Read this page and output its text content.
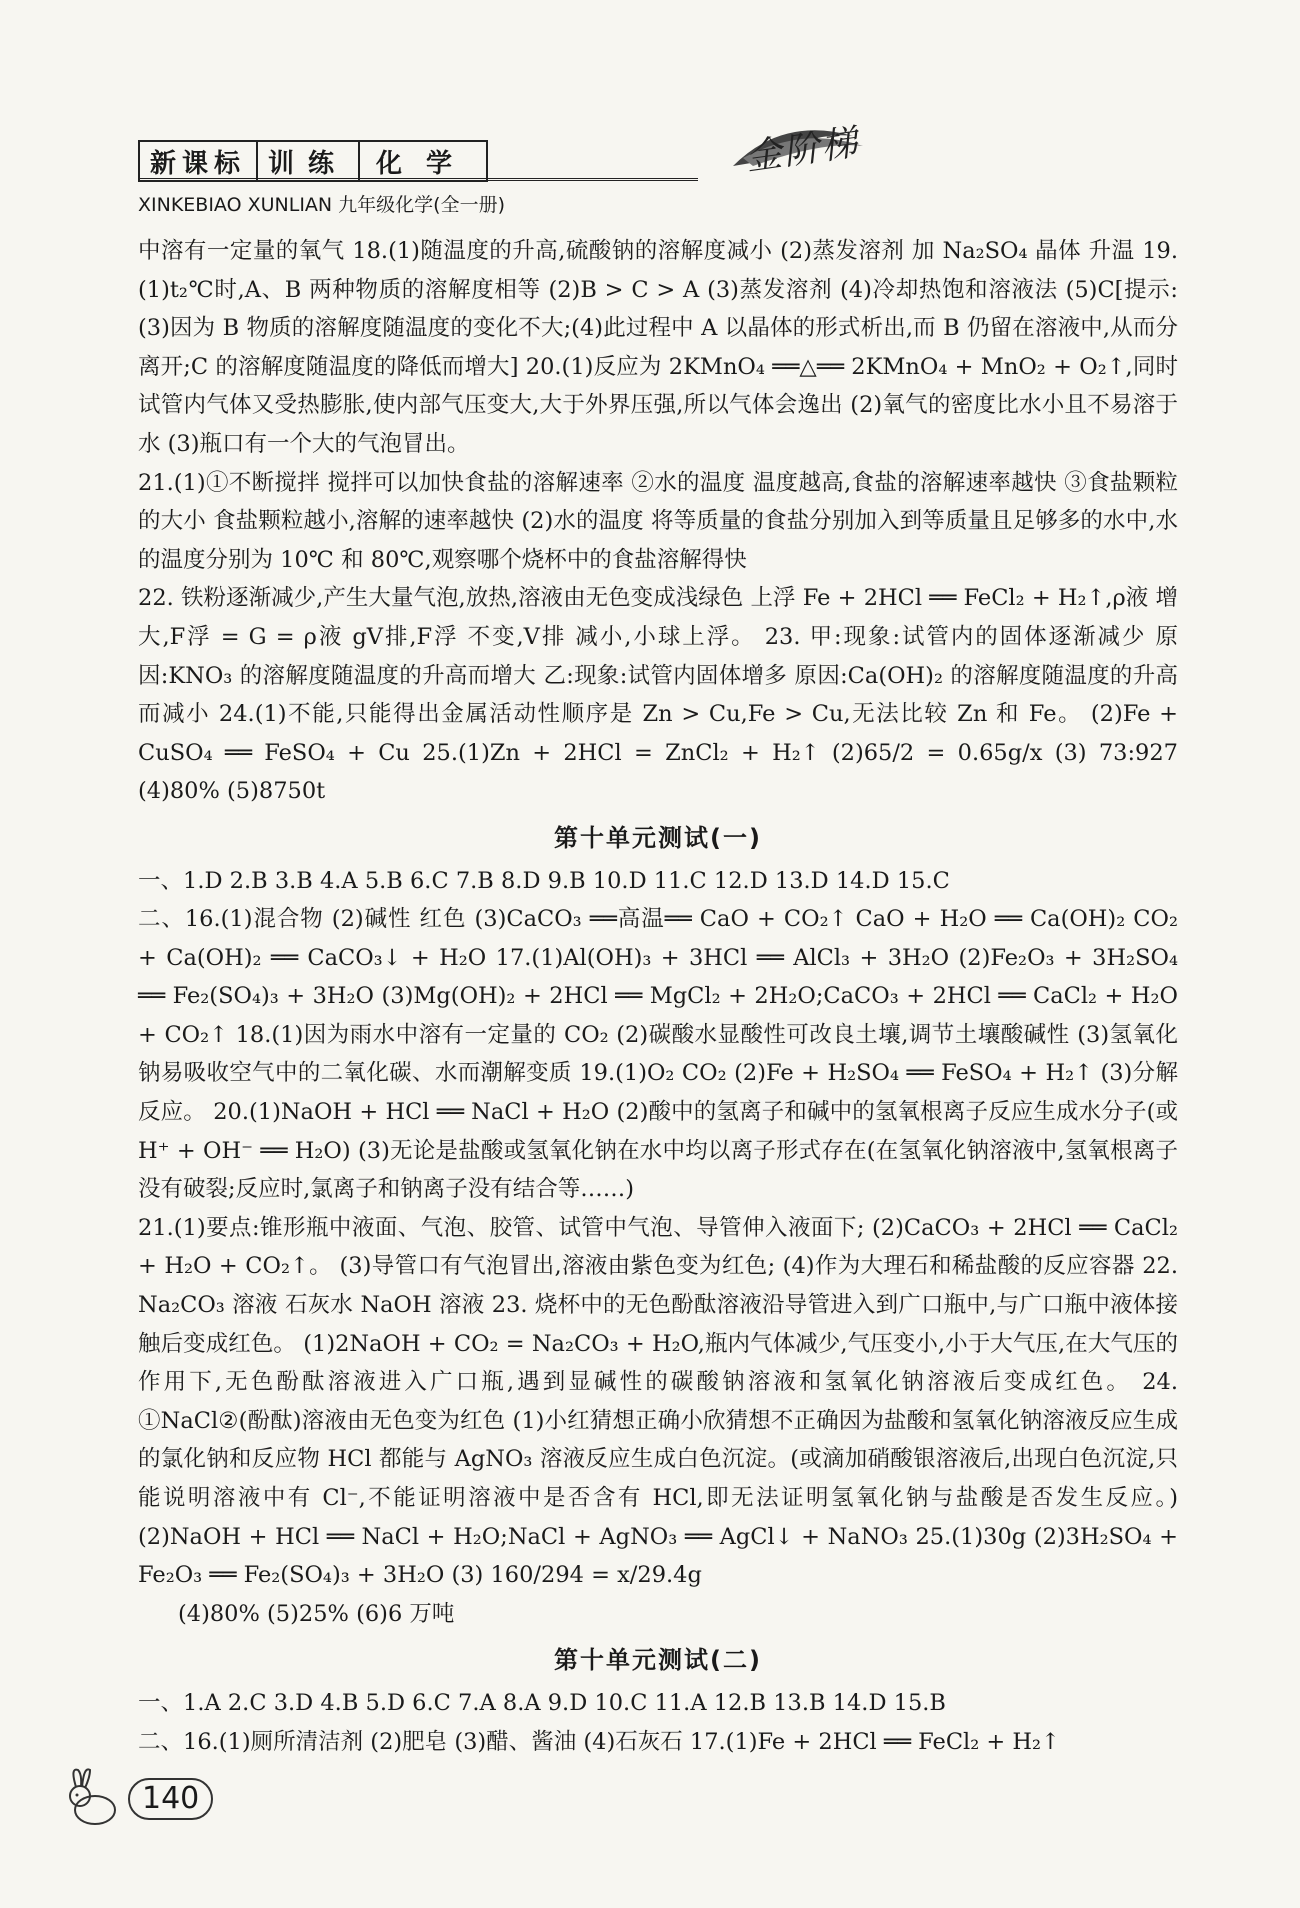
新课标 训练	化学
XINKEBIAO XUNLIAN 九年级化学(全一册)
金阶梯

中溶有一定量的氧气 18.(1)随温度的升高,硫酸钠的溶解度减小 (2)蒸发溶剂 加 Na₂SO₄ 晶体 升温 19.(1)t₂℃时,A、B 两种物质的溶解度相等 (2)B > C > A (3)蒸发溶剂 (4)冷却热饱和溶液法 (5)C[提示:(3)因为 B 物质的溶解度随温度的变化不大;(4)此过程中 A 以晶体的形式析出,而 B 仍留在溶液中,从而分离开;C 的溶解度随温度的降低而增大] 20.(1)反应为 2KMnO₄ ══△══ 2KMnO₄ + MnO₂ + O₂↑,同时试管内气体又受热膨胀,使内部气压变大,大于外界压强,所以气体会逸出 (2)氧气的密度比水小且不易溶于水 (3)瓶口有一个大的气泡冒出。

21.(1)①不断搅拌 搅拌可以加快食盐的溶解速率 ②水的温度 温度越高,食盐的溶解速率越快 ③食盐颗粒的大小 食盐颗粒越小,溶解的速率越快 (2)水的温度 将等质量的食盐分别加入到等质量且足够多的水中,水的温度分别为 10℃ 和 80℃,观察哪个烧杯中的食盐溶解得快

22. 铁粉逐渐减少,产生大量气泡,放热,溶液由无色变成浅绿色 上浮 Fe + 2HCl ══ FeCl₂ + H₂↑,ρ液 增大,F浮 = G = ρ液 gV排,F浮 不变,V排 减小,小球上浮。 23. 甲:现象:试管内的固体逐渐减少 原因:KNO₃ 的溶解度随温度的升高而增大 乙:现象:试管内固体增多 原因:Ca(OH)₂ 的溶解度随温度的升高而减小 24.(1)不能,只能得出金属活动性顺序是 Zn > Cu,Fe > Cu,无法比较 Zn 和 Fe。 (2)Fe + CuSO₄ ══ FeSO₄ + Cu 25.(1)Zn + 2HCl = ZnCl₂ + H₂↑ (2)65/2 = 0.65g/x (3) 73:927 (4)80% (5)8750t

第十单元测试(一)

一、1.D 2.B 3.B 4.A 5.B 6.C 7.B 8.D 9.B 10.D 11.C 12.D 13.D 14.D 15.C

二、16.(1)混合物 (2)碱性 红色 (3)CaCO₃ ══高温══ CaO + CO₂↑ CaO + H₂O ══ Ca(OH)₂ CO₂ + Ca(OH)₂ ══ CaCO₃↓ + H₂O 17.(1)Al(OH)₃ + 3HCl ══ AlCl₃ + 3H₂O (2)Fe₂O₃ + 3H₂SO₄ ══ Fe₂(SO₄)₃ + 3H₂O (3)Mg(OH)₂ + 2HCl ══ MgCl₂ + 2H₂O;CaCO₃ + 2HCl ══ CaCl₂ + H₂O + CO₂↑ 18.(1)因为雨水中溶有一定量的 CO₂ (2)碳酸水显酸性可改良土壤,调节土壤酸碱性 (3)氢氧化钠易吸收空气中的二氧化碳、水而潮解变质 19.(1)O₂ CO₂ (2)Fe + H₂SO₄ ══ FeSO₄ + H₂↑ (3)分解反应。 20.(1)NaOH + HCl ══ NaCl + H₂O (2)酸中的氢离子和碱中的氢氧根离子反应生成水分子(或 H⁺ + OH⁻ ══ H₂O) (3)无论是盐酸或氢氧化钠在水中均以离子形式存在(在氢氧化钠溶液中,氢氧根离子没有破裂;反应时,氯离子和钠离子没有结合等……)

21.(1)要点:锥形瓶中液面、气泡、胶管、试管中气泡、导管伸入液面下; (2)CaCO₃ + 2HCl ══ CaCl₂ + H₂O + CO₂↑。 (3)导管口有气泡冒出,溶液由紫色变为红色; (4)作为大理石和稀盐酸的反应容器 22. Na₂CO₃ 溶液 石灰水 NaOH 溶液 23. 烧杯中的无色酚酞溶液沿导管进入到广口瓶中,与广口瓶中液体接触后变成红色。 (1)2NaOH + CO₂ = Na₂CO₃ + H₂O,瓶内气体减少,气压变小,小于大气压,在大气压的作用下,无色酚酞溶液进入广口瓶,遇到显碱性的碳酸钠溶液和氢氧化钠溶液后变成红色。 24. ①NaCl②(酚酞)溶液由无色变为红色 (1)小红猜想正确小欣猜想不正确因为盐酸和氢氧化钠溶液反应生成的氯化钠和反应物 HCl 都能与 AgNO₃ 溶液反应生成白色沉淀。(或滴加硝酸银溶液后,出现白色沉淀,只能说明溶液中有 Cl⁻,不能证明溶液中是否含有 HCl,即无法证明氢氧化钠与盐酸是否发生反应。) (2)NaOH + HCl ══ NaCl + H₂O;NaCl + AgNO₃ ══ AgCl↓ + NaNO₃ 25.(1)30g (2)3H₂SO₄ + Fe₂O₃ ══ Fe₂(SO₄)₃ + 3H₂O (3) 160/294 = x/29.4g

(4)80% (5)25% (6)6 万吨

第十单元测试(二)

一、1.A 2.C 3.D 4.B 5.D 6.C 7.A 8.A 9.D 10.C 11.A 12.B 13.B 14.D 15.B

二、16.(1)厕所清洁剂 (2)肥皂 (3)醋、酱油 (4)石灰石 17.(1)Fe + 2HCl ══ FeCl₂ + H₂↑

140
